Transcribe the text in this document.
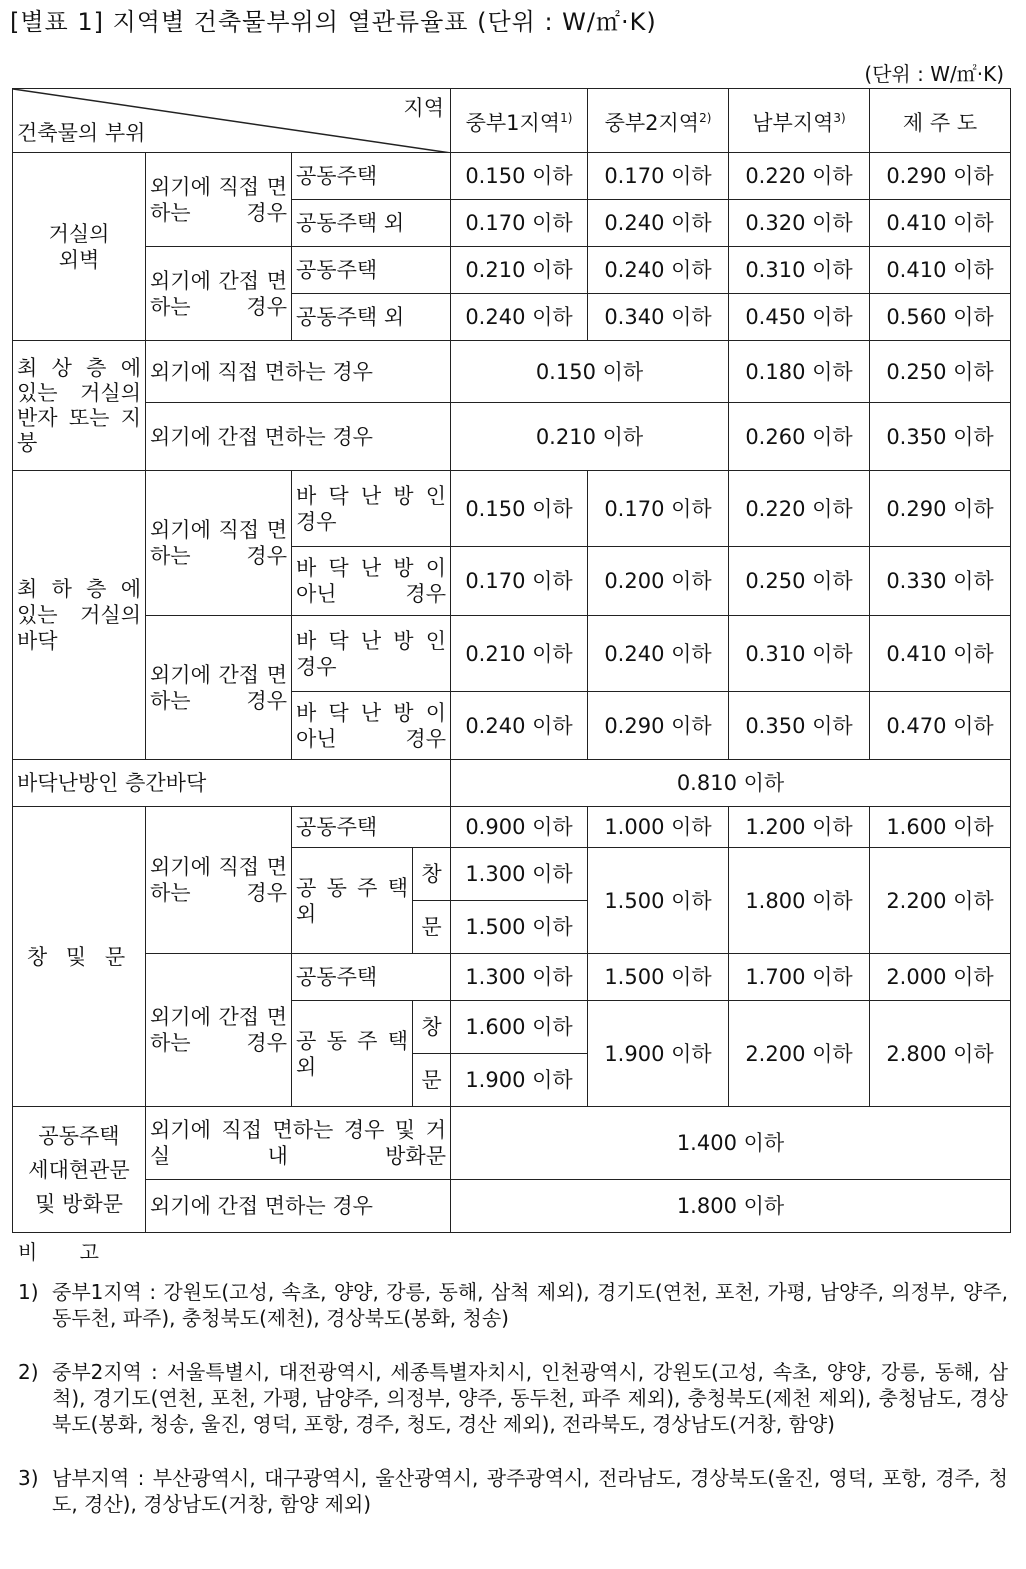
[별표 1] 지역별 건축물부위의 열관류율표 (단위 : W/㎡·K)
(단위 : W/㎡·K)
지역
건축물의 부위				중부1지역$^{1)}$	중부2지역$^{2)}$	남부지역$^{3)}$	제 주 도
거실의
외벽	외기에 직접 면하는 경우	공동주택		0.150 이하	0.170 이하	0.220 이하	0.290 이하
		공동주택 외		0.170 이하	0.240 이하	0.320 이하	0.410 이하
	외기에 간접 면하는 경우	공동주택		0.210 이하	0.240 이하	0.310 이하	0.410 이하
		공동주택 외		0.240 이하	0.340 이하	0.450 이하	0.560 이하
최 상 층 에 있는 거실의 반자 또는 지붕	외기에 직접 면하는 경우			0.150 이하		0.180 이하	0.250 이하
	외기에 간접 면하는 경우			0.210 이하		0.260 이하	0.350 이하
최 하 층 에 있는 거실의 바닥	외기에 직접 면하는 경우	바 닥 난 방 인 경우		0.150 이하	0.170 이하	0.220 이하	0.290 이하
		바 닥 난 방 이 아닌 경우		0.170 이하	0.200 이하	0.250 이하	0.330 이하
	외기에 간접 면하는 경우	바 닥 난 방 인 경우		0.210 이하	0.240 이하	0.310 이하	0.410 이하
		바 닥 난 방 이 아닌 경우		0.240 이하	0.290 이하	0.350 이하	0.470 이하
바닥난방인 층간바닥				0.810 이하			
창 및 문	외기에 직접 면하는 경우	공동주택		0.900 이하	1.000 이하	1.200 이하	1.600 이하
		공 동 주 택 외	창	1.300 이하	1.500 이하	1.800 이하	2.200 이하
			문	1.500 이하			
	외기에 간접 면하는 경우	공동주택		1.300 이하	1.500 이하	1.700 이하	2.000 이하
		공 동 주 택 외	창	1.600 이하	1.900 이하	2.200 이하	2.800 이하
			문	1.900 이하			
공동주택
세대현관문
및 방화문	외기에 직접 면하는 경우 및 거실 내 방화문			1.400 이하			
	외기에 간접 면하는 경우			1.800 이하			
비 고
1) 중부1지역 : 강원도(고성, 속초, 양양, 강릉, 동해, 삼척 제외), 경기도(연천, 포천, 가평, 남양주, 의정부, 양주, 동두천, 파주), 충청북도(제천), 경상북도(봉화, 청송)
2) 중부2지역 : 서울특별시, 대전광역시, 세종특별자치시, 인천광역시, 강원도(고성, 속초, 양양, 강릉, 동해, 삼척), 경기도(연천, 포천, 가평, 남양주, 의정부, 양주, 동두천, 파주 제외), 충청북도(제천 제외), 충청남도, 경상북도(봉화, 청송, 울진, 영덕, 포항, 경주, 청도, 경산 제외), 전라북도, 경상남도(거창, 함양)
3) 남부지역 : 부산광역시, 대구광역시, 울산광역시, 광주광역시, 전라남도, 경상북도(울진, 영덕, 포항, 경주, 청도, 경산), 경상남도(거창, 함양 제외)
